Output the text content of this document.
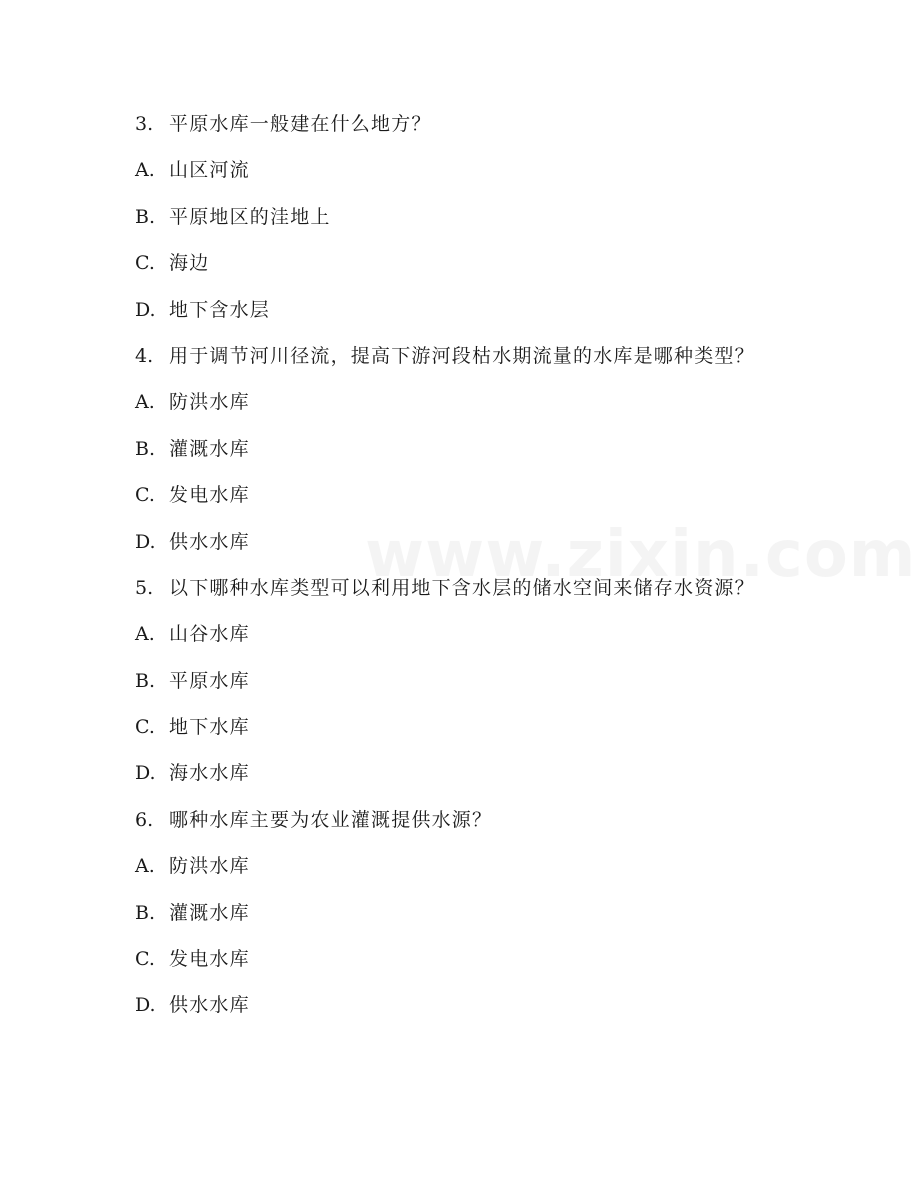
3. 平原水库一般建在什么地方？
A. 山区河流
B. 平原地区的洼地上
C. 海边
D. 地下含水层
4. 用于调节河川径流，提高下游河段枯水期流量的水库是哪种类型？
A. 防洪水库
B. 灌溉水库
C. 发电水库
D. 供水水库
5. 以下哪种水库类型可以利用地下含水层的储水空间来储存水资源？
A. 山谷水库
B. 平原水库
C. 地下水库
D. 海水水库
6. 哪种水库主要为农业灌溉提供水源？
A. 防洪水库
B. 灌溉水库
C. 发电水库
D. 供水水库
